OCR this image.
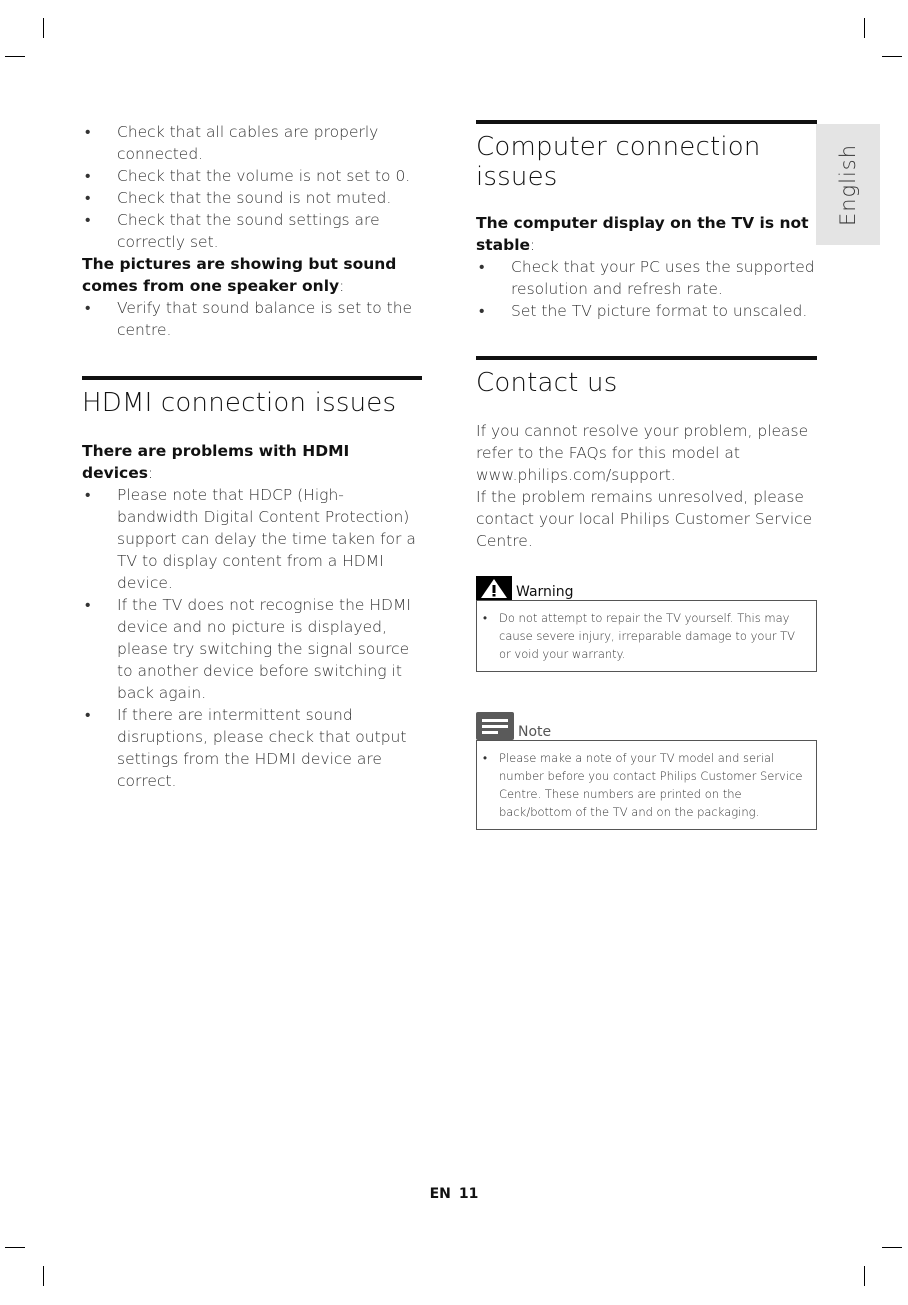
• Check that all cables are properly connected.
• Check that the volume is not set to 0.
• Check that the sound is not muted.
• Check that the sound settings are correctly set.

The pictures are showing but sound comes from one speaker only:

• Verify that sound balance is set to the centre.
HDMI connection issues

There are problems with HDMI devices:

• Please note that HDCP (High-bandwidth Digital Content Protection) support can delay the time taken for a TV to display content from a HDMI device.
• If the TV does not recognise the HDMI device and no picture is displayed, please try switching the signal source to another device before switching it back again.
• If there are intermittent sound disruptions, please check that output settings from the HDMI device are correct.
Computer connection issues

The computer display on the TV is not stable:

• Check that your PC uses the supported resolution and refresh rate.
• Set the TV picture format to unscaled.
Contact us

If you cannot resolve your problem, please refer to the FAQs for this model at www.philips.com/support.

If the problem remains unresolved, please contact your local Philips Customer Service Centre.

Warning
• Do not attempt to repair the TV yourself. This may cause severe injury, irreparable damage to your TV or void your warranty.
Note
• Please make a note of your TV model and serial number before you contact Philips Customer Service Centre. These numbers are printed on the back/bottom of the TV and on the packaging.
English
EN 11
